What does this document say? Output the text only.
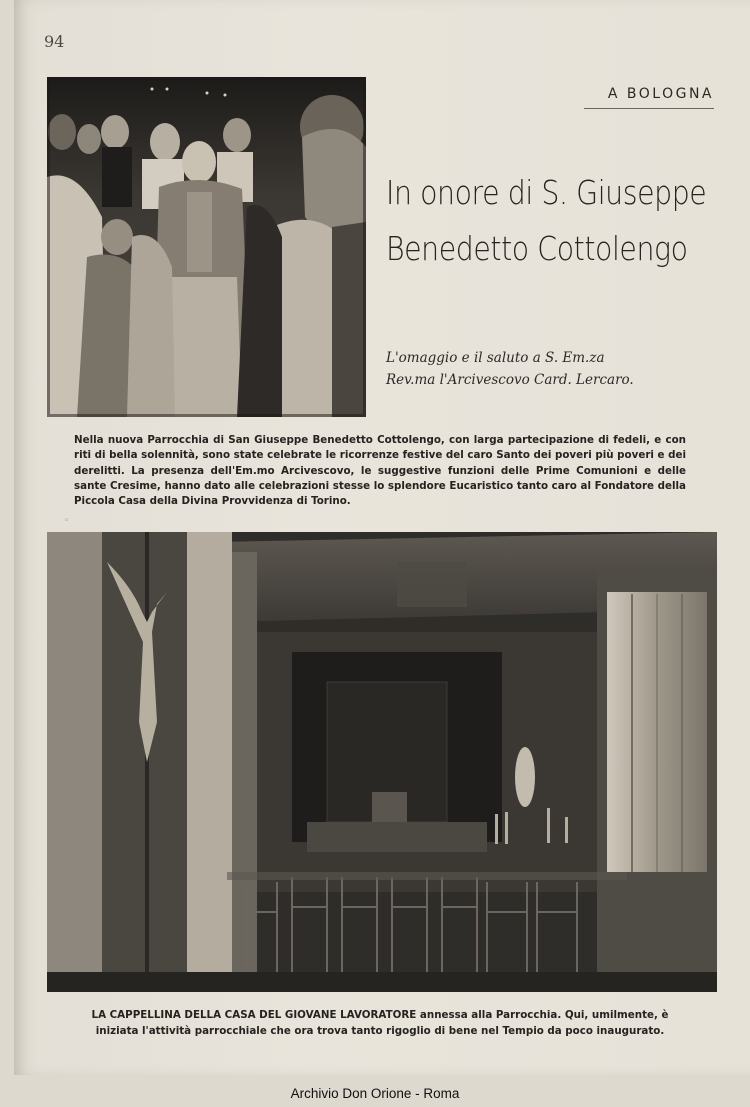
94
A BOLOGNA
In onore di S. Giuseppe
Benedetto Cottolengo
L'omaggio e il saluto a S. Em.za
Rev.ma l'Arcivescovo Card. Lercaro.
Nella nuova Parrocchia di San Giuseppe Benedetto Cottolengo, con larga partecipazione di fedeli, e con riti di bella solennità, sono state celebrate le ricorrenze festive del caro Santo dei poveri più poveri e dei derelitti. La presenza dell'Em.mo Arcivescovo, le suggestive funzioni delle Prime Comunioni e delle sante Cresime, hanno dato alle celebrazioni stesse lo splendore Eucaristico tanto caro al Fondatore della Piccola Casa della Divina Provvidenza di Torino.
◦
LA CAPPELLINA DELLA CASA DEL GIOVANE LAVORATORE annessa alla Parrocchia. Qui, umilmente, è iniziata l'attività parrocchiale che ora trova tanto rigoglio di bene nel Tempio da poco inaugurato.
Archivio Don Orione - Roma
